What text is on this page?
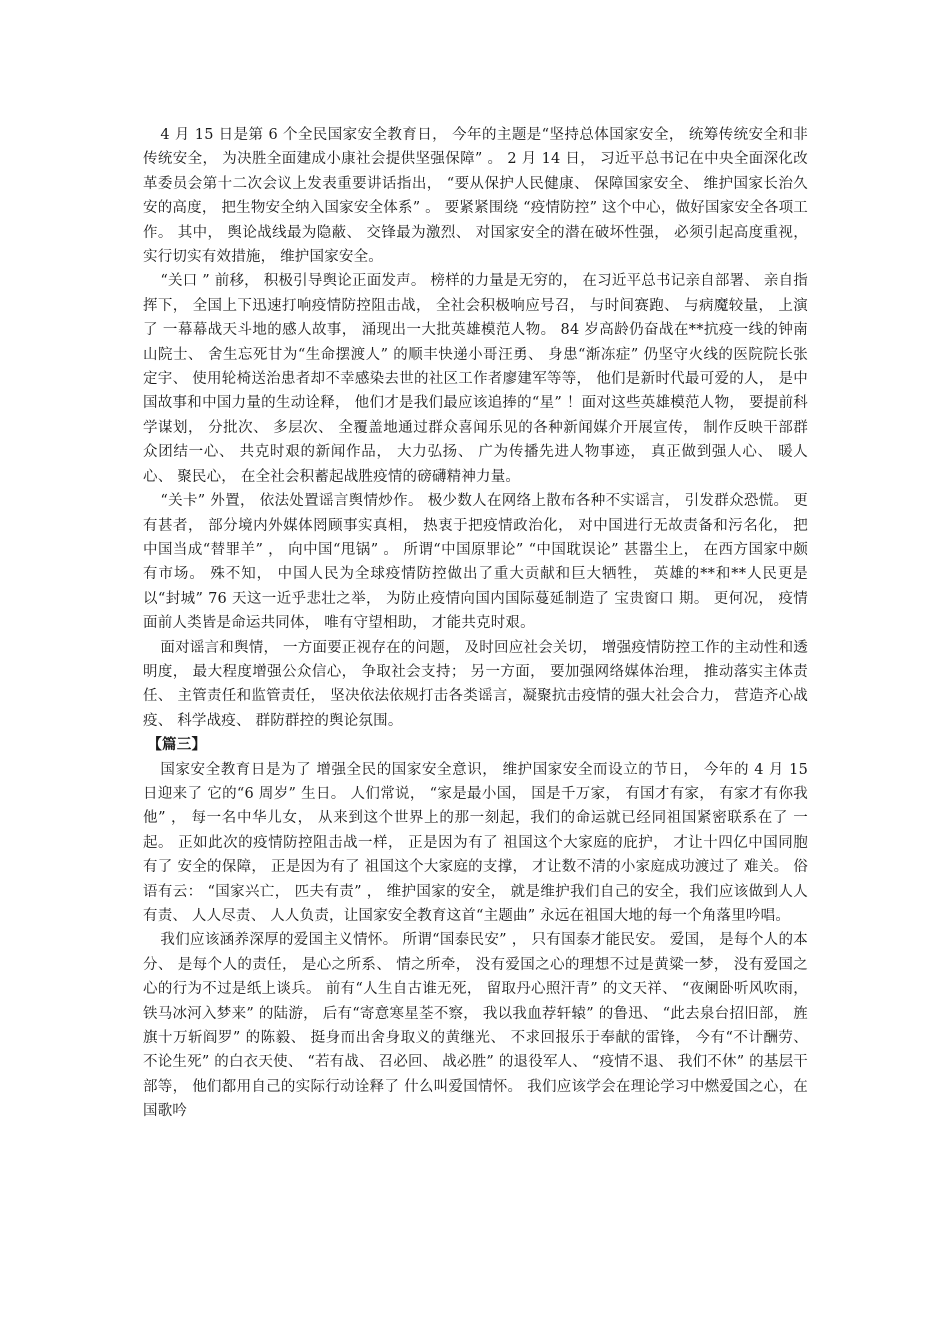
4 月 15 日是第 6 个全民国家安全教育日， 今年的主题是“坚持总体国家安全， 统筹传统安全和非传统安全， 为决胜全面建成小康社会提供坚强保障” 。 2 月 14 日， 习近平总书记在中央全面深化改革委员会第十二次会议上发表重要讲话指出， “要从保护人民健康、 保障国家安全、 维护国家长治久安的高度， 把生物安全纳入国家安全体系” 。 要紧紧围绕 “疫情防控” 这个中心，做好国家安全各项工作。 其中， 舆论战线最为隐蔽、 交锋最为激烈、 对国家安全的潜在破坏性强， 必须引起高度重视， 实行切实有效措施， 维护国家安全。

“关口 ” 前移， 积极引导舆论正面发声。 榜样的力量是无穷的， 在习近平总书记亲自部署、 亲自指挥下， 全国上下迅速打响疫情防控阻击战， 全社会积极响应号召， 与时间赛跑、 与病魔较量， 上演了 一幕幕战天斗地的感人故事， 涌现出一大批英雄模范人物。 84 岁高龄仍奋战在**抗疫一线的钟南山院士、 舍生忘死甘为“生命摆渡人” 的顺丰快递小哥汪勇、 身患“渐冻症” 仍坚守火线的医院院长张定宇、 使用轮椅送治患者却不幸感染去世的社区工作者廖建军等等， 他们是新时代最可爱的人， 是中国故事和中国力量的生动诠释， 他们才是我们最应该追捧的“星” ！面对这些英雄模范人物， 要提前科学谋划， 分批次、 多层次、 全覆盖地通过群众喜闻乐见的各种新闻媒介开展宣传， 制作反映干部群众团结一心、 共克时艰的新闻作品， 大力弘扬、 广为传播先进人物事迹， 真正做到强人心、 暖人心、 聚民心， 在全社会积蓄起战胜疫情的磅礴精神力量。

“关卡” 外置， 依法处置谣言舆情炒作。 极少数人在网络上散布各种不实谣言， 引发群众恐慌。 更有甚者， 部分境内外媒体罔顾事实真相， 热衷于把疫情政治化， 对中国进行无故责备和污名化， 把中国当成“替罪羊” ， 向中国“甩锅” 。 所谓“中国原罪论” “中国耽误论” 甚嚣尘上， 在西方国家中颇有市场。 殊不知， 中国人民为全球疫情防控做出了重大贡献和巨大牺牲， 英雄的**和**人民更是以“封城” 76 天这一近乎悲壮之举， 为防止疫情向国内国际蔓延制造了 宝贵窗口 期。 更何况， 疫情面前人类皆是命运共同体， 唯有守望相助， 才能共克时艰。

面对谣言和舆情， 一方面要正视存在的问题， 及时回应社会关切， 增强疫情防控工作的主动性和透明度， 最大程度增强公众信心， 争取社会支持； 另一方面， 要加强网络媒体治理， 推动落实主体责任、 主管责任和监管责任， 坚决依法依规打击各类谣言，凝聚抗击疫情的强大社会合力， 营造齐心战疫、 科学战疫、 群防群控的舆论氛围。

【篇三】

国家安全教育日是为了 增强全民的国家安全意识， 维护国家安全而设立的节日， 今年的 4 月 15 日迎来了 它的“6 周岁” 生日。 人们常说， “家是最小国， 国是千万家， 有国才有家， 有家才有你我他” ， 每一名中华儿女， 从来到这个世界上的那一刻起，我们的命运就已经同祖国紧密联系在了 一起。 正如此次的疫情防控阻击战一样， 正是因为有了 祖国这个大家庭的庇护， 才让十四亿中国同胞有了 安全的保障， 正是因为有了 祖国这个大家庭的支撑， 才让数不清的小家庭成功渡过了 难关。 俗语有云： “国家兴亡， 匹夫有责” ， 维护国家的安全， 就是维护我们自己的安全，我们应该做到人人有责、 人人尽责、 人人负责，让国家安全教育这首“主题曲” 永远在祖国大地的每一个角落里吟唱。

我们应该涵养深厚的爱国主义情怀。 所谓“国泰民安” ， 只有国泰才能民安。 爱国， 是每个人的本分、 是每个人的责任， 是心之所系、 情之所牵， 没有爱国之心的理想不过是黄粱一梦， 没有爱国之心的行为不过是纸上谈兵。 前有“人生自古谁无死， 留取丹心照汗青” 的文天祥、 “夜阑卧听风吹雨， 铁马冰河入梦来” 的陆游， 后有“寄意寒星荃不察， 我以我血荐轩辕” 的鲁迅、 “此去泉台招旧部， 旌旗十万斩阎罗” 的陈毅、 挺身而出舍身取义的黄继光、 不求回报乐于奉献的雷锋， 今有“不计酬劳、 不论生死” 的白衣天使、 “若有战、 召必回、 战必胜” 的退役军人、 “疫情不退、 我们不休” 的基层干部等， 他们都用自己的实际行动诠释了 什么叫爱国情怀。 我们应该学会在理论学习中燃爱国之心，在国歌吟
